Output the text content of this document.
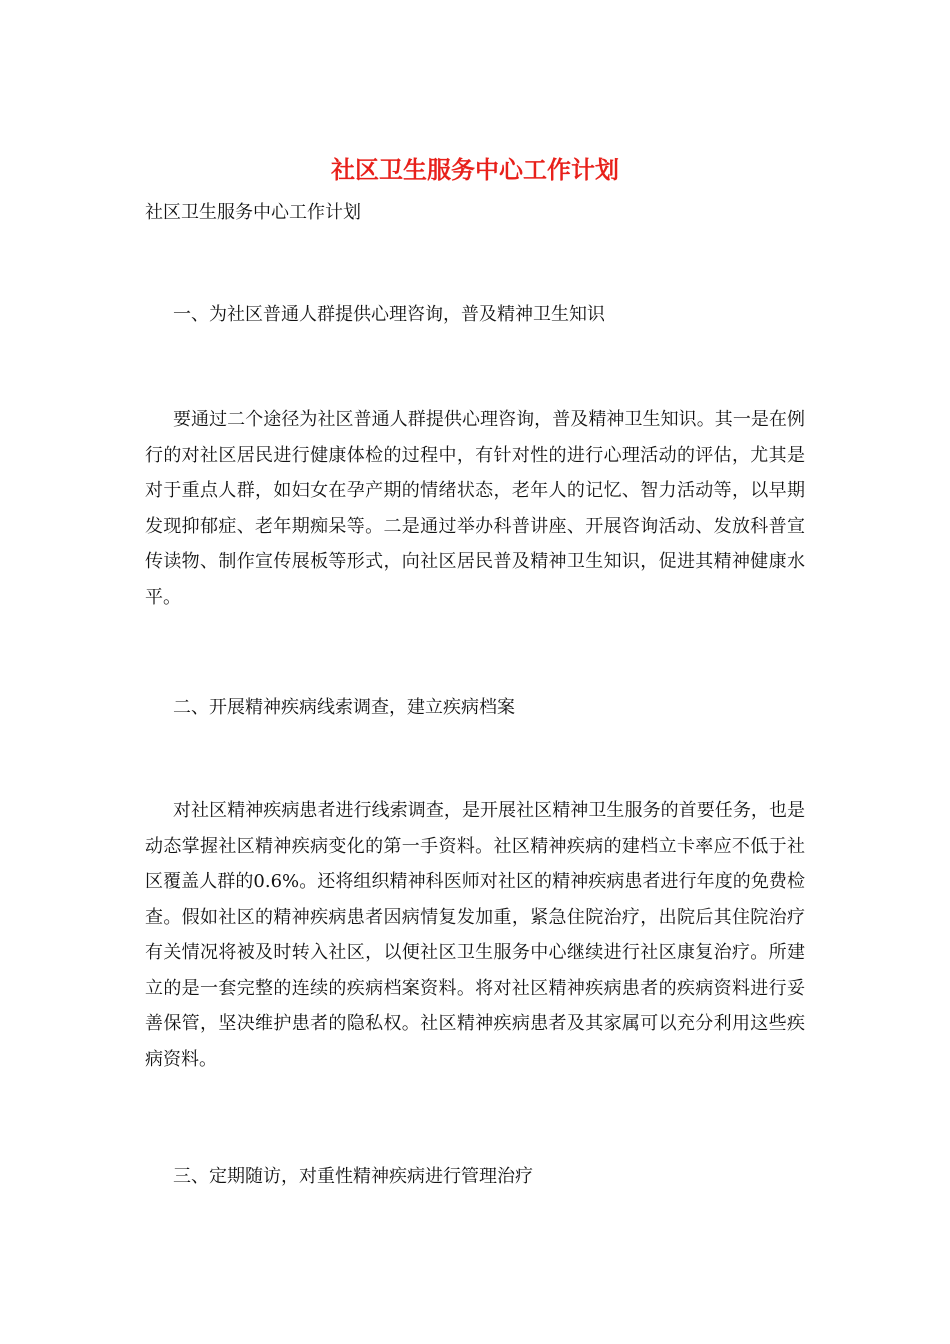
社区卫生服务中心工作计划

社区卫生服务中心工作计划

一、为社区普通人群提供心理咨询，普及精神卫生知识

要通过二个途径为社区普通人群提供心理咨询，普及精神卫生知识。其一是在例行的对社区居民进行健康体检的过程中，有针对性的进行心理活动的评估，尤其是对于重点人群，如妇女在孕产期的情绪状态，老年人的记忆、智力活动等，以早期发现抑郁症、老年期痴呆等。二是通过举办科普讲座、开展咨询活动、发放科普宣传读物、制作宣传展板等形式，向社区居民普及精神卫生知识，促进其精神健康水平。

二、开展精神疾病线索调查，建立疾病档案

对社区精神疾病患者进行线索调查，是开展社区精神卫生服务的首要任务，也是动态掌握社区精神疾病变化的第一手资料。社区精神疾病的建档立卡率应不低于社区覆盖人群的0.6%。还将组织精神科医师对社区的精神疾病患者进行年度的免费检查。假如社区的精神疾病患者因病情复发加重，紧急住院治疗，出院后其住院治疗有关情况将被及时转入社区，以便社区卫生服务中心继续进行社区康复治疗。所建立的是一套完整的连续的疾病档案资料。将对社区精神疾病患者的疾病资料进行妥善保管，坚决维护患者的隐私权。社区精神疾病患者及其家属可以充分利用这些疾病资料。

三、定期随访，对重性精神疾病进行管理治疗
